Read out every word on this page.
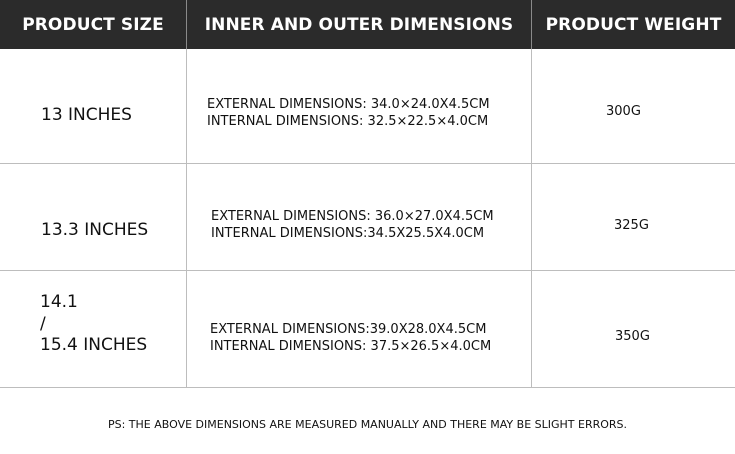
PRODUCT SIZE	INNER AND OUTER DIMENSIONS	PRODUCT WEIGHT
13 INCHES
EXTERNAL DIMENSIONS: 34.0×24.0X4.5CM
INTERNAL DIMENSIONS: 32.5×22.5×4.0CM
300G
13.3 INCHES
EXTERNAL DIMENSIONS: 36.0×27.0X4.5CM
INTERNAL DIMENSIONS:34.5X25.5X4.0CM
325G
14.1
/
15.4 INCHES
EXTERNAL DIMENSIONS:39.0X28.0X4.5CM
INTERNAL DIMENSIONS: 37.5×26.5×4.0CM
350G
PS: THE ABOVE DIMENSIONS ARE MEASURED MANUALLY AND THERE MAY BE SLIGHT ERRORS.
